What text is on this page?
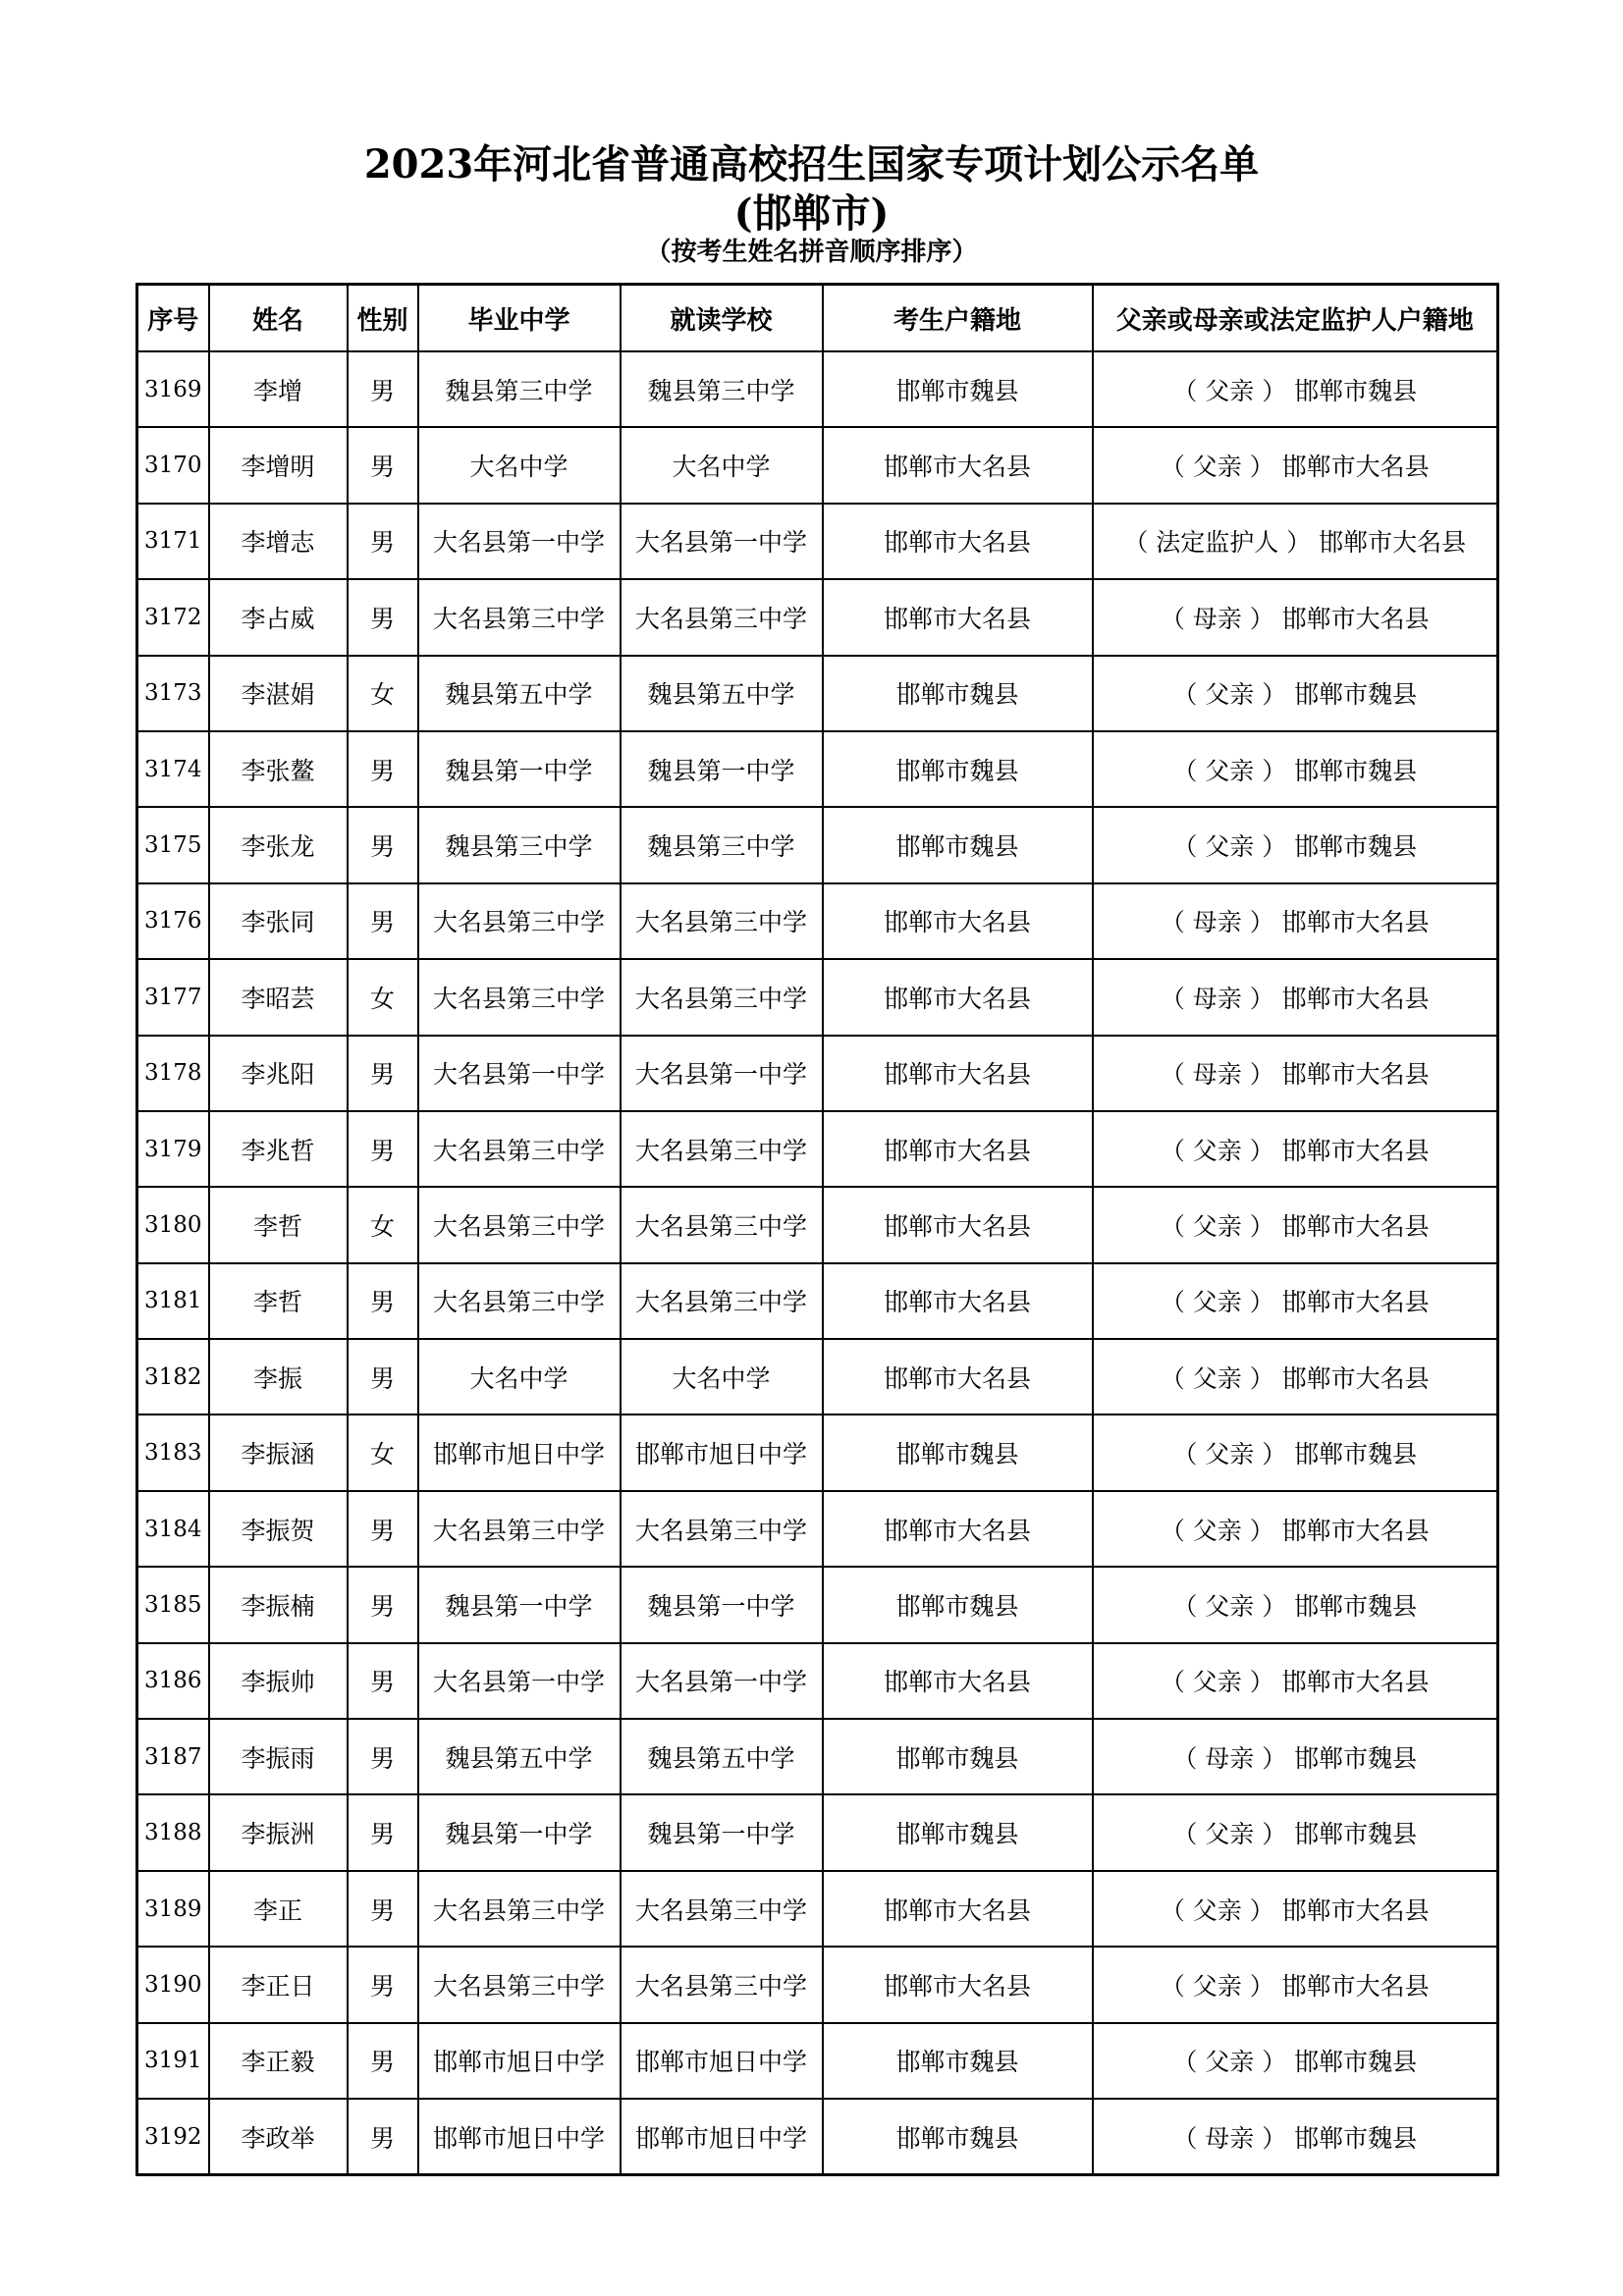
2023年河北省普通高校招生国家专项计划公示名单
(邯郸市)
（按考生姓名拼音顺序排序）
序号	姓名	性别	毕业中学	就读学校	考生户籍地	父亲或母亲或法定监护人户籍地
3169	李增	男	魏县第三中学	魏县第三中学	邯郸市魏县	（ 父亲 ） 邯郸市魏县
3170	李增明	男	大名中学	大名中学	邯郸市大名县	（ 父亲 ） 邯郸市大名县
3171	李增志	男	大名县第一中学	大名县第一中学	邯郸市大名县	（ 法定监护人 ） 邯郸市大名县
3172	李占威	男	大名县第三中学	大名县第三中学	邯郸市大名县	（ 母亲 ） 邯郸市大名县
3173	李湛娟	女	魏县第五中学	魏县第五中学	邯郸市魏县	（ 父亲 ） 邯郸市魏县
3174	李张鳌	男	魏县第一中学	魏县第一中学	邯郸市魏县	（ 父亲 ） 邯郸市魏县
3175	李张龙	男	魏县第三中学	魏县第三中学	邯郸市魏县	（ 父亲 ） 邯郸市魏县
3176	李张同	男	大名县第三中学	大名县第三中学	邯郸市大名县	（ 母亲 ） 邯郸市大名县
3177	李昭芸	女	大名县第三中学	大名县第三中学	邯郸市大名县	（ 母亲 ） 邯郸市大名县
3178	李兆阳	男	大名县第一中学	大名县第一中学	邯郸市大名县	（ 母亲 ） 邯郸市大名县
3179	李兆哲	男	大名县第三中学	大名县第三中学	邯郸市大名县	（ 父亲 ） 邯郸市大名县
3180	李哲	女	大名县第三中学	大名县第三中学	邯郸市大名县	（ 父亲 ） 邯郸市大名县
3181	李哲	男	大名县第三中学	大名县第三中学	邯郸市大名县	（ 父亲 ） 邯郸市大名县
3182	李振	男	大名中学	大名中学	邯郸市大名县	（ 父亲 ） 邯郸市大名县
3183	李振涵	女	邯郸市旭日中学	邯郸市旭日中学	邯郸市魏县	（ 父亲 ） 邯郸市魏县
3184	李振贺	男	大名县第三中学	大名县第三中学	邯郸市大名县	（ 父亲 ） 邯郸市大名县
3185	李振楠	男	魏县第一中学	魏县第一中学	邯郸市魏县	（ 父亲 ） 邯郸市魏县
3186	李振帅	男	大名县第一中学	大名县第一中学	邯郸市大名县	（ 父亲 ） 邯郸市大名县
3187	李振雨	男	魏县第五中学	魏县第五中学	邯郸市魏县	（ 母亲 ） 邯郸市魏县
3188	李振洲	男	魏县第一中学	魏县第一中学	邯郸市魏县	（ 父亲 ） 邯郸市魏县
3189	李正	男	大名县第三中学	大名县第三中学	邯郸市大名县	（ 父亲 ） 邯郸市大名县
3190	李正日	男	大名县第三中学	大名县第三中学	邯郸市大名县	（ 父亲 ） 邯郸市大名县
3191	李正毅	男	邯郸市旭日中学	邯郸市旭日中学	邯郸市魏县	（ 父亲 ） 邯郸市魏县
3192	李政举	男	邯郸市旭日中学	邯郸市旭日中学	邯郸市魏县	（ 母亲 ） 邯郸市魏县
